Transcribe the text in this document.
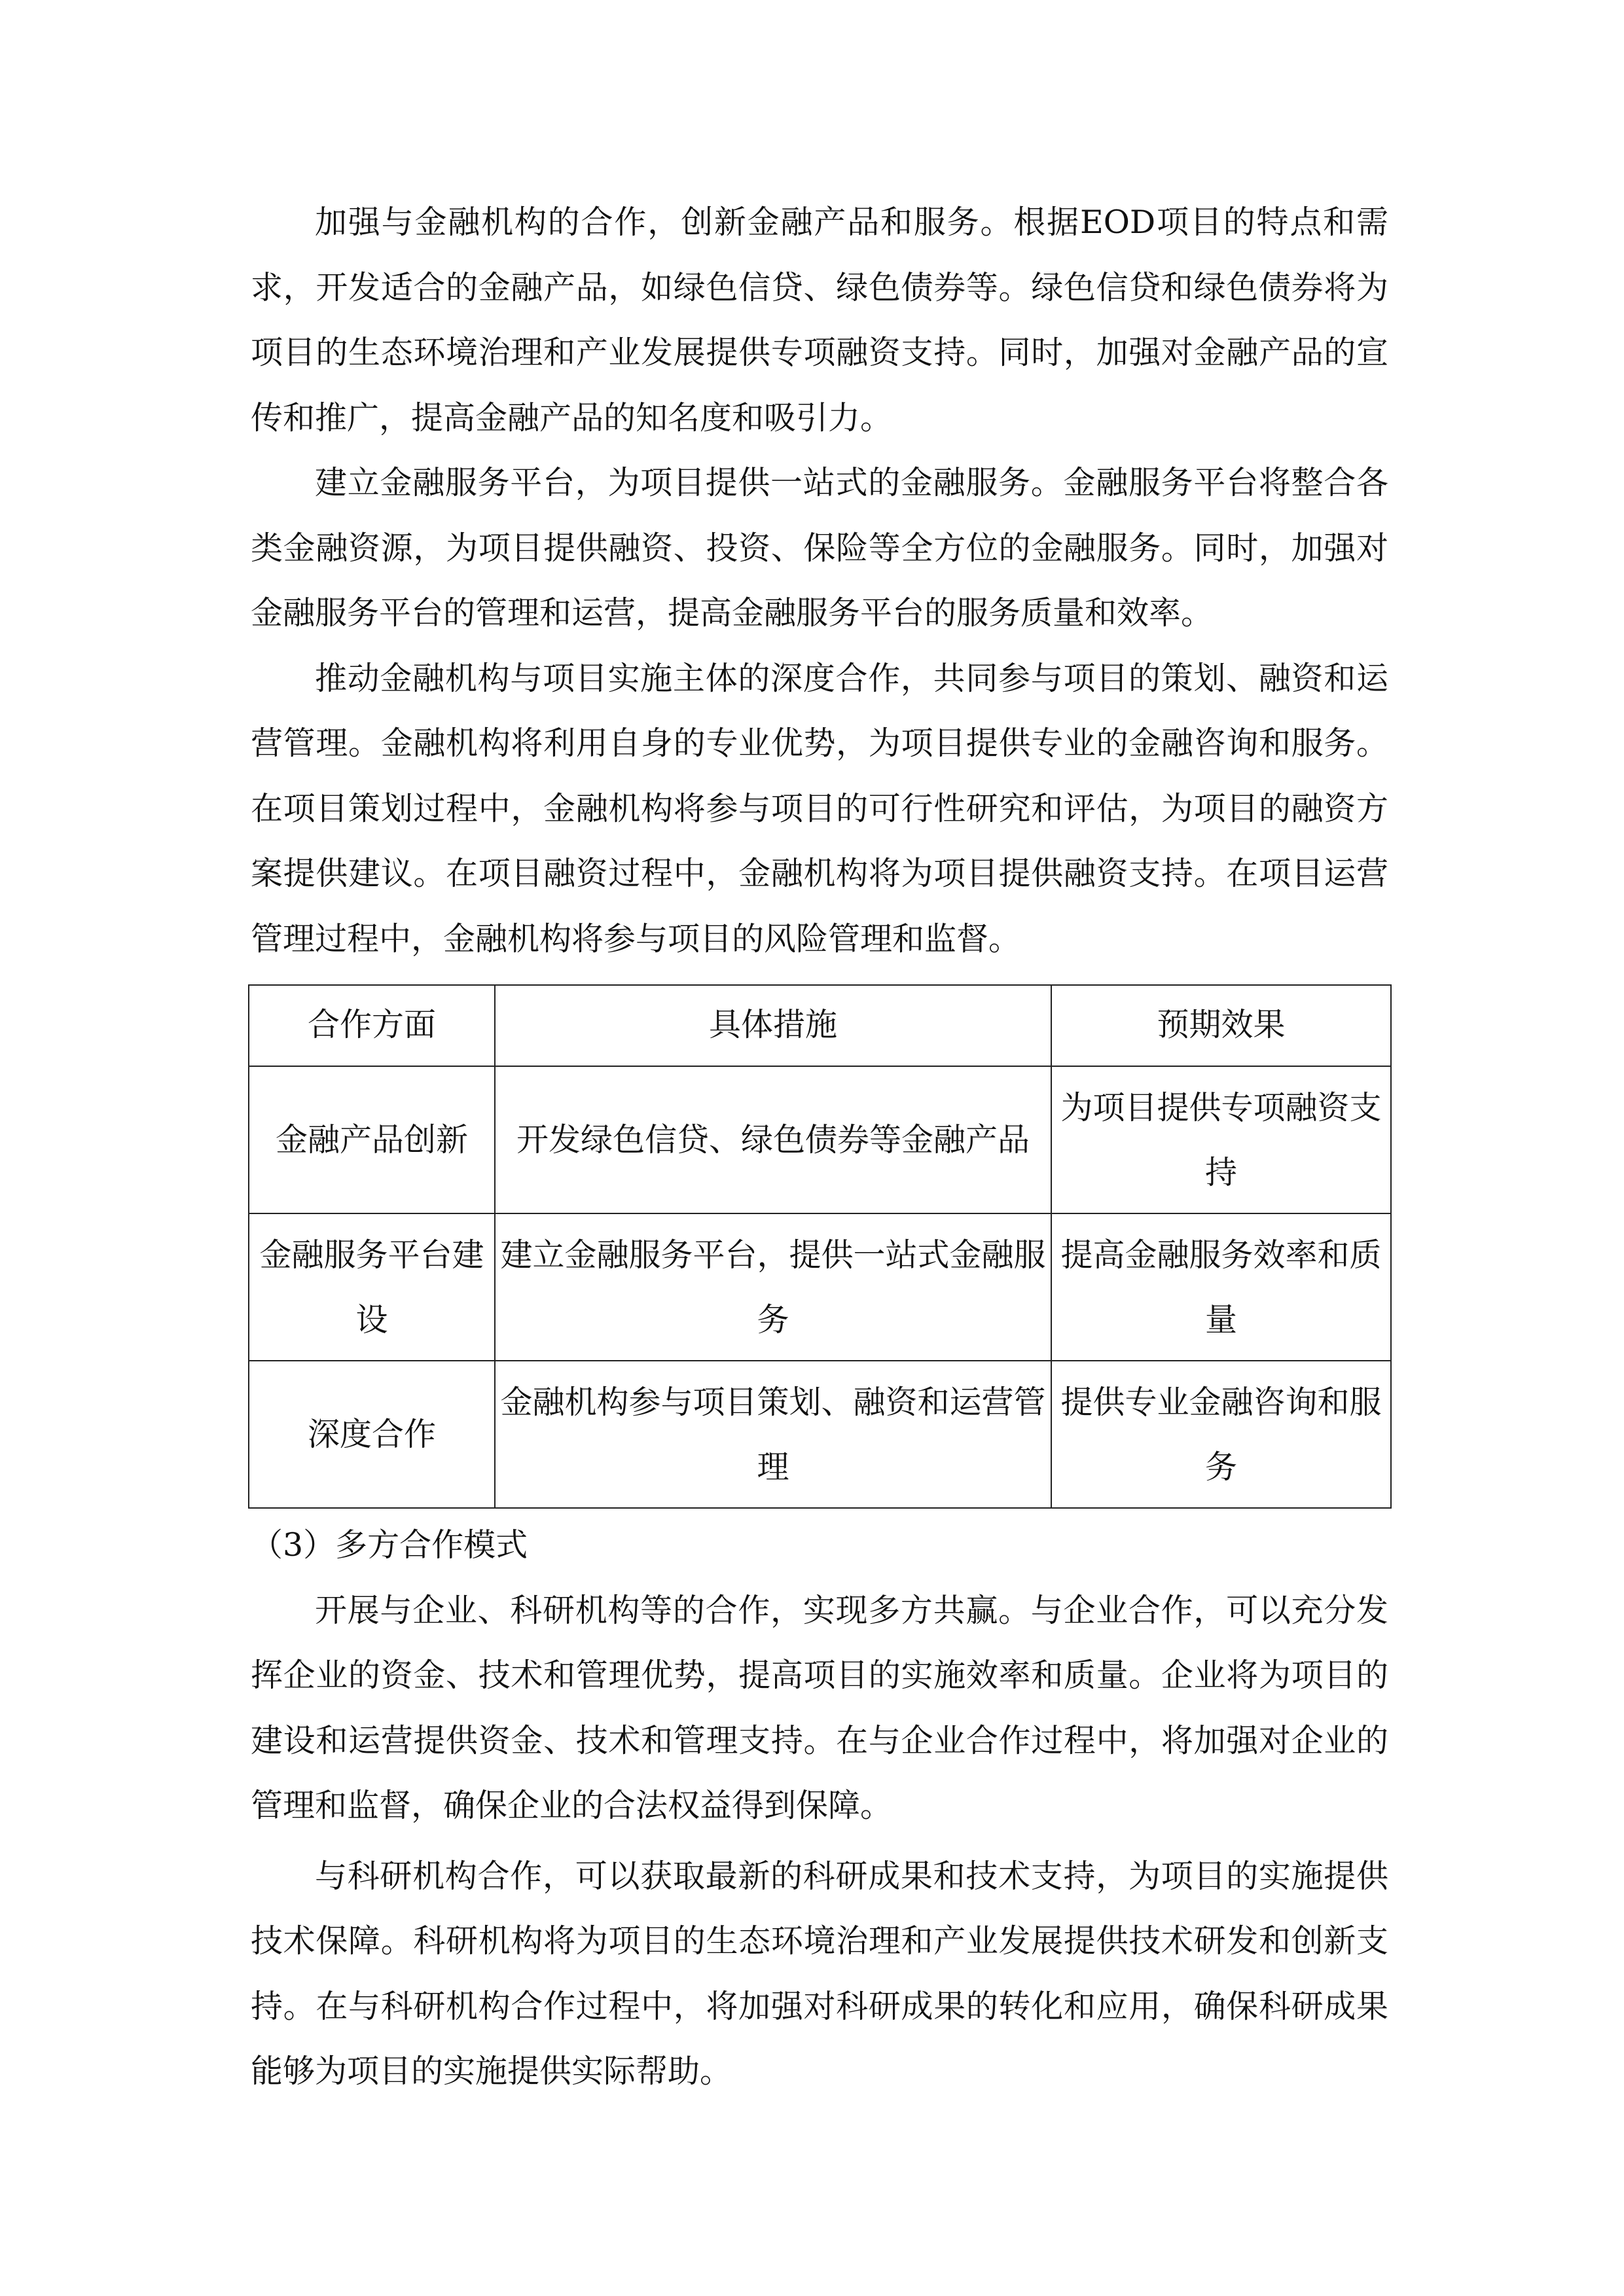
加强与金融机构的合作，创新金融产品和服务。根据EOD项目的特点和需求，开发适合的金融产品，如绿色信贷、绿色债券等。绿色信贷和绿色债券将为项目的生态环境治理和产业发展提供专项融资支持。同时，加强对金融产品的宣传和推广，提高金融产品的知名度和吸引力。

建立金融服务平台，为项目提供一站式的金融服务。金融服务平台将整合各类金融资源，为项目提供融资、投资、保险等全方位的金融服务。同时，加强对金融服务平台的管理和运营，提高金融服务平台的服务质量和效率。

推动金融机构与项目实施主体的深度合作，共同参与项目的策划、融资和运营管理。金融机构将利用自身的专业优势，为项目提供专业的金融咨询和服务。在项目策划过程中，金融机构将参与项目的可行性研究和评估，为项目的融资方案提供建议。在项目融资过程中，金融机构将为项目提供融资支持。在项目运营管理过程中，金融机构将参与项目的风险管理和监督。

合作方面	具体措施	预期效果
金融产品创新	开发绿色信贷、绿色债券等金融产品	为项目提供专项融资支持
金融服务平台建设	建立金融服务平台，提供一站式金融服务	提高金融服务效率和质量
深度合作	金融机构参与项目策划、融资和运营管理	提供专业金融咨询和服务

（3）多方合作模式

开展与企业、科研机构等的合作，实现多方共赢。与企业合作，可以充分发挥企业的资金、技术和管理优势，提高项目的实施效率和质量。企业将为项目的建设和运营提供资金、技术和管理支持。在与企业合作过程中，将加强对企业的管理和监督，确保企业的合法权益得到保障。

与科研机构合作，可以获取最新的科研成果和技术支持，为项目的实施提供技术保障。科研机构将为项目的生态环境治理和产业发展提供技术研发和创新支持。在与科研机构合作过程中，将加强对科研成果的转化和应用，确保科研成果能够为项目的实施提供实际帮助。
